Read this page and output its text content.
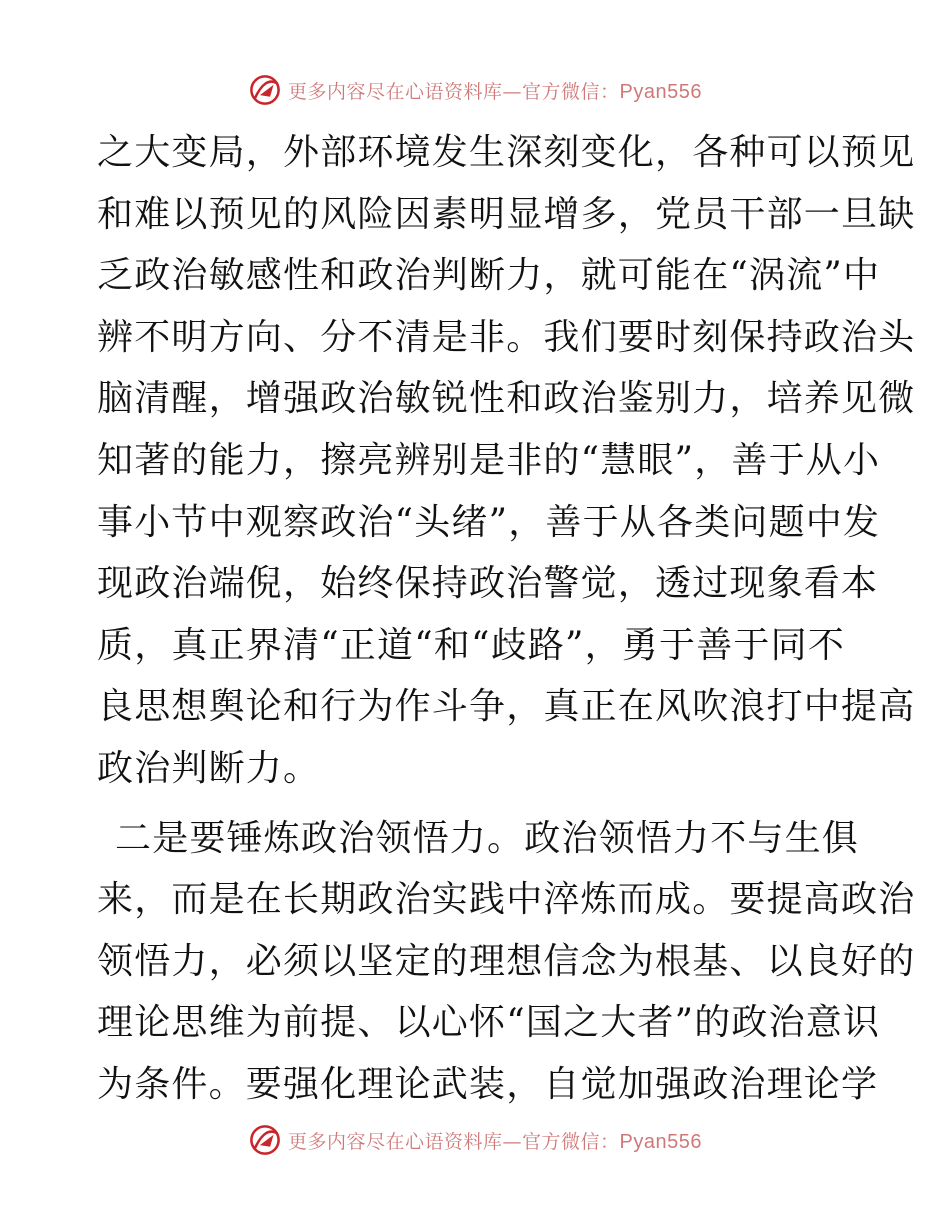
更多内容尽在心语资料库—官方微信：Pyan556

之大变局，外部环境发生深刻变化，各种可以预见
和难以预见的风险因素明显增多，党员干部一旦缺
乏政治敏感性和政治判断力，就可能在“涡流”中
辨不明方向、分不清是非。我们要时刻保持政治头
脑清醒，增强政治敏锐性和政治鉴别力，培养见微
知著的能力，擦亮辨别是非的“慧眼”，善于从小
事小节中观察政治“头绪”，善于从各类问题中发
现政治端倪，始终保持政治警觉，透过现象看本
质，真正界清“正道“和“歧路”，勇于善于同不
良思想舆论和行为作斗争，真正在风吹浪打中提高
政治判断力。

二是要锤炼政治领悟力。政治领悟力不与生俱
来，而是在长期政治实践中淬炼而成。要提高政治
领悟力，必须以坚定的理想信念为根基、以良好的
理论思维为前提、以心怀“国之大者”的政治意识
为条件。要强化理论武装，自觉加强政治理论学

更多内容尽在心语资料库—官方微信：Pyan556
